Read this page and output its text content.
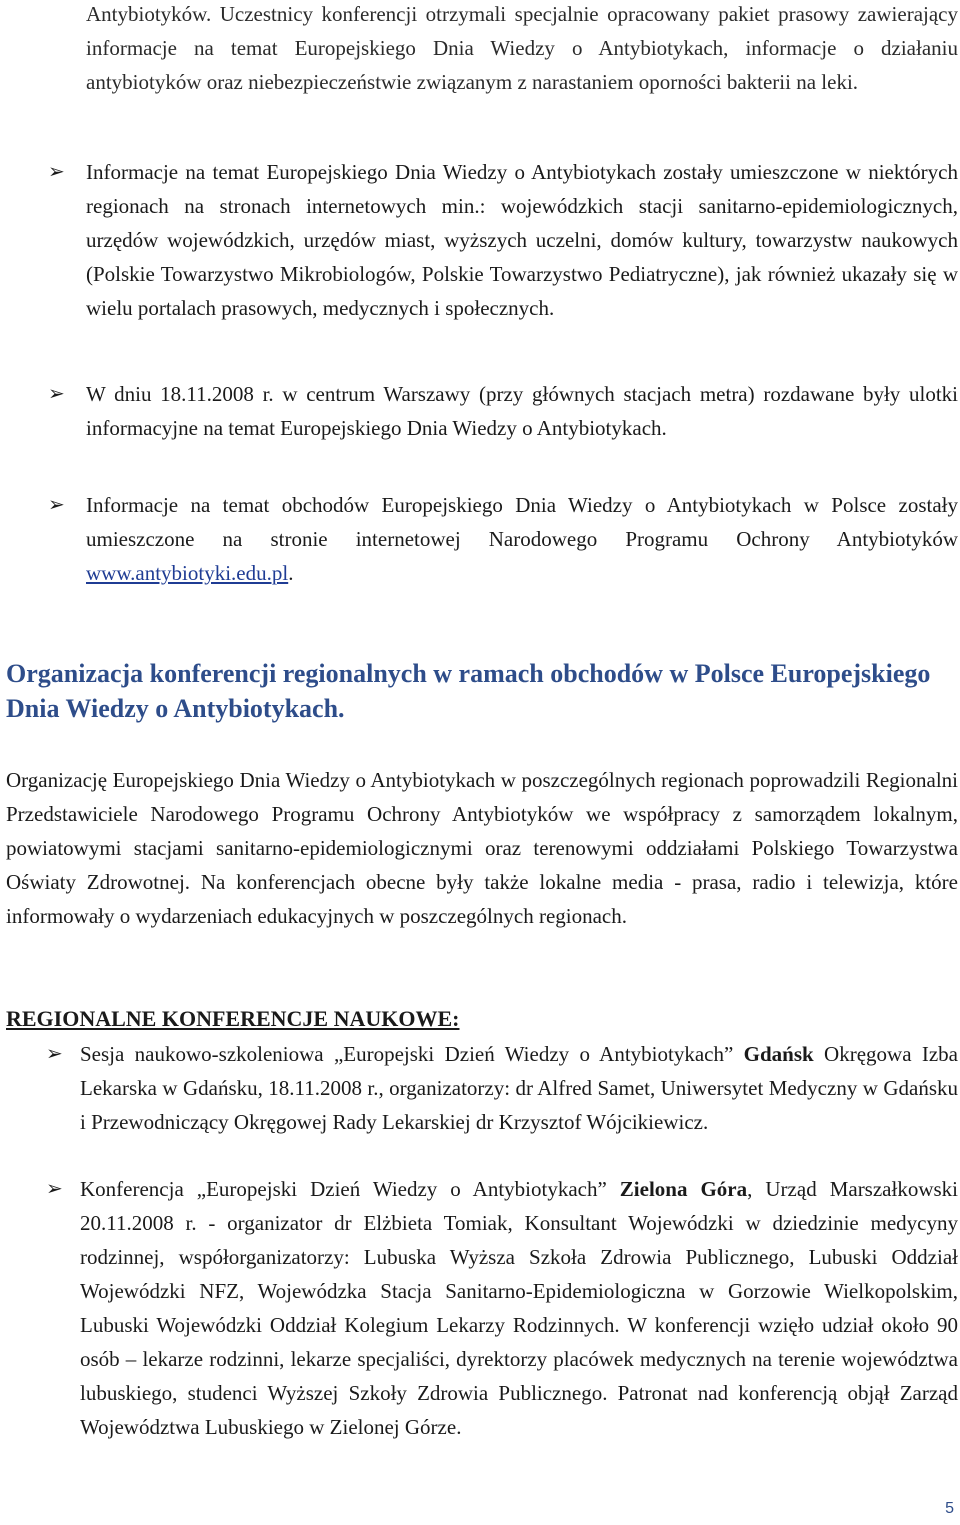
Antybiotyków. Uczestnicy konferencji otrzymali specjalnie opracowany pakiet prasowy zawierający informacje na temat Europejskiego Dnia Wiedzy o Antybiotykach, informacje o działaniu antybiotyków oraz niebezpieczeństwie związanym z narastaniem oporności bakterii na leki.

➢ Informacje na temat Europejskiego Dnia Wiedzy o Antybiotykach zostały umieszczone w niektórych regionach na stronach internetowych min.: wojewódzkich stacji sanitarno-epidemiologicznych, urzędów wojewódzkich, urzędów miast, wyższych uczelni, domów kultury, towarzystw naukowych (Polskie Towarzystwo Mikrobiologów, Polskie Towarzystwo Pediatryczne), jak również ukazały się w wielu portalach prasowych, medycznych i społecznych.

➢ W dniu 18.11.2008 r. w centrum Warszawy (przy głównych stacjach metra) rozdawane były ulotki informacyjne na temat Europejskiego Dnia Wiedzy o Antybiotykach.

➢ Informacje na temat obchodów Europejskiego Dnia Wiedzy o Antybiotykach w Polsce zostały umieszczone na stronie internetowej Narodowego Programu Ochrony Antybiotyków www.antybiotyki.edu.pl.

Organizacja konferencji regionalnych w ramach obchodów w Polsce Europejskiego Dnia Wiedzy o Antybiotykach.

Organizację Europejskiego Dnia Wiedzy o Antybiotykach w poszczególnych regionach poprowadzili Regionalni Przedstawiciele Narodowego Programu Ochrony Antybiotyków we współpracy z samorządem lokalnym, powiatowymi stacjami sanitarno-epidemiologicznymi oraz terenowymi oddziałami Polskiego Towarzystwa Oświaty Zdrowotnej. Na konferencjach obecne były także lokalne media - prasa, radio i telewizja, które informowały o wydarzeniach edukacyjnych w poszczególnych regionach.

REGIONALNE KONFERENCJE NAUKOWE:
➢ Sesja naukowo-szkoleniowa „Europejski Dzień Wiedzy o Antybiotykach” Gdańsk Okręgowa Izba Lekarska w Gdańsku, 18.11.2008 r., organizatorzy: dr Alfred Samet, Uniwersytet Medyczny w Gdańsku i Przewodniczący Okręgowej Rady Lekarskiej dr Krzysztof Wójcikiewicz.

➢ Konferencja „Europejski Dzień Wiedzy o Antybiotykach” Zielona Góra, Urząd Marszałkowski 20.11.2008 r. - organizator dr Elżbieta Tomiak, Konsultant Wojewódzki w dziedzinie medycyny rodzinnej, współorganizatorzy: Lubuska Wyższa Szkoła Zdrowia Publicznego, Lubuski Oddział Wojewódzki NFZ, Wojewódzka Stacja Sanitarno-Epidemiologiczna w Gorzowie Wielkopolskim, Lubuski Wojewódzki Oddział Kolegium Lekarzy Rodzinnych. W konferencji wzięło udział około 90 osób – lekarze rodzinni, lekarze specjaliści, dyrektorzy placówek medycznych na terenie województwa lubuskiego, studenci Wyższej Szkoły Zdrowia Publicznego. Patronat nad konferencją objął Zarząd Województwa Lubuskiego w Zielonej Górze.

5
